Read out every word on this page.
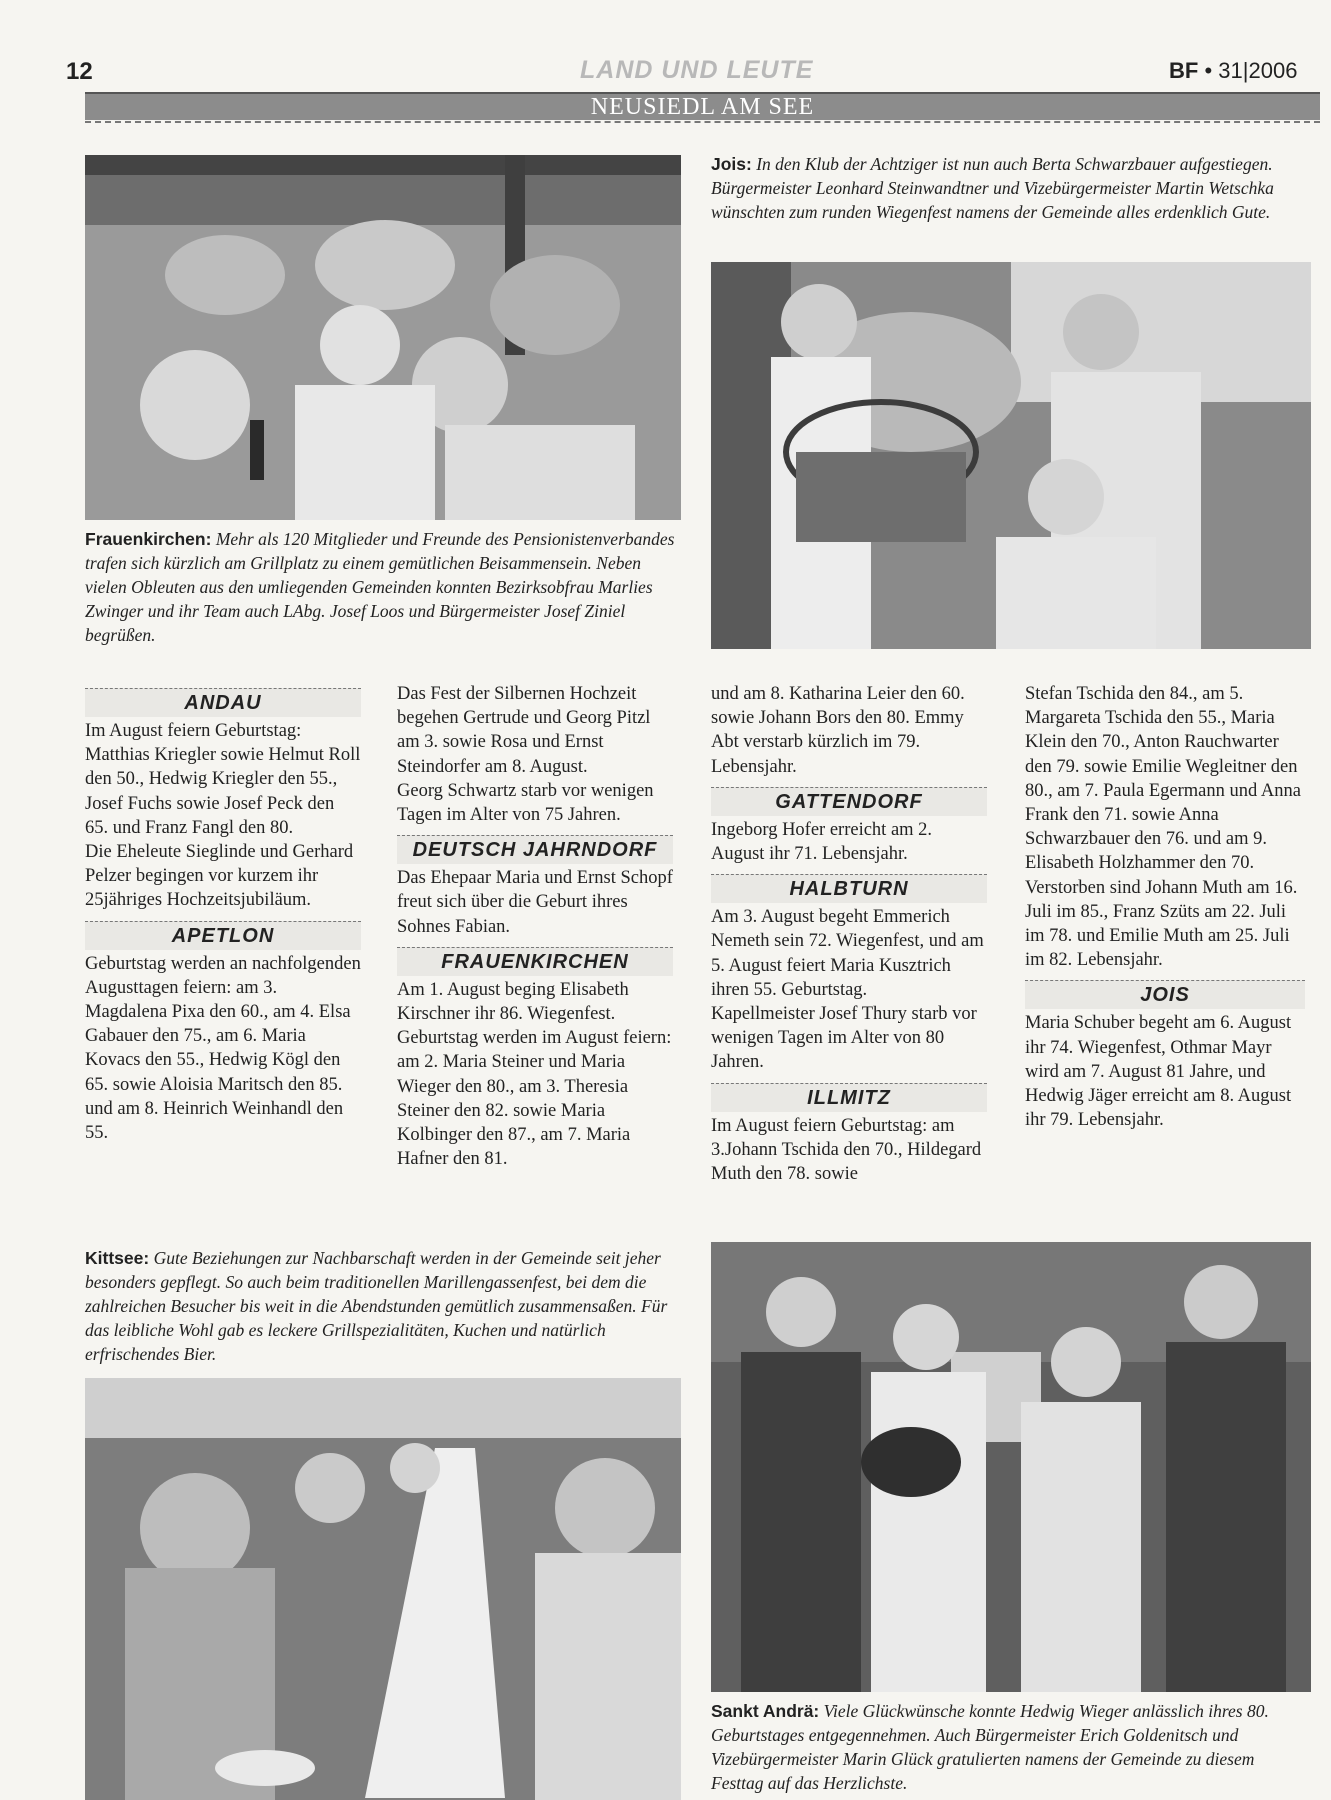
12	LAND UND LEUTE	BF • 31|2006
NEUSIEDL AM SEE
Frauenkirchen: Mehr als 120 Mitglieder und Freunde des Pensionistenverbandes trafen sich kürzlich am Grillplatz zu einem gemütlichen Beisammensein. Neben vielen Obleuten aus den umliegenden Gemeinden konnten Bezirksobfrau Marlies Zwinger und ihr Team auch LAbg. Josef Loos und Bürgermeister Josef Ziniel begrüßen.
Jois: In den Klub der Achtziger ist nun auch Berta Schwarzbauer aufgestiegen. Bürgermeister Leonhard Steinwandtner und Vizebürgermeister Martin Wetschka wünschten zum runden Wiegenfest namens der Gemeinde alles erdenklich Gute.
ANDAU

Im August feiern Geburtstag: Matthias Kriegler sowie Helmut Roll den 50., Hedwig Kriegler den 55., Josef Fuchs sowie Josef Peck den 65. und Franz Fangl den 80.

Die Eheleute Sieglinde und Gerhard Pelzer begingen vor kurzem ihr 25jähriges Hochzeitsjubiläum.

APETLON

Geburtstag werden an nachfolgenden Augusttagen feiern: am 3. Magdalena Pixa den 60., am 4. Elsa Gabauer den 75., am 6. Maria Kovacs den 55., Hedwig Kögl den 65. sowie Aloisia Maritsch den 85. und am 8. Heinrich Weinhandl den 55.

Das Fest der Silbernen Hochzeit begehen Gertrude und Georg Pitzl am 3. sowie Rosa und Ernst Steindorfer am 8. August.

Georg Schwartz starb vor wenigen Tagen im Alter von 75 Jahren.

DEUTSCH JAHRNDORF

Das Ehepaar Maria und Ernst Schopf freut sich über die Geburt ihres Sohnes Fabian.

FRAUENKIRCHEN

Am 1. August beging Elisabeth Kirschner ihr 86. Wiegenfest. Geburtstag werden im August feiern: am 2. Maria Steiner und Maria Wieger den 80., am 3. Theresia Steiner den 82. sowie Maria Kolbinger den 87., am 7. Maria Hafner den 81.

und am 8. Katharina Leier den 60. sowie Johann Bors den 80. Emmy Abt verstarb kürzlich im 79. Lebensjahr.

GATTENDORF

Ingeborg Hofer erreicht am 2. August ihr 71. Lebensjahr.

HALBTURN

Am 3. August begeht Emmerich Nemeth sein 72. Wiegenfest, und am 5. August feiert Maria Kusztrich ihren 55. Geburtstag.

Kapellmeister Josef Thury starb vor wenigen Tagen im Alter von 80 Jahren.

ILLMITZ

Im August feiern Geburtstag: am 3.Johann Tschida den 70., Hildegard Muth den 78. sowie

Stefan Tschida den 84., am 5. Margareta Tschida den 55., Maria Klein den 70., Anton Rauchwarter den 79. sowie Emilie Wegleitner den 80., am 7. Paula Egermann und Anna Frank den 71. sowie Anna Schwarzbauer den 76. und am 9. Elisabeth Holzhammer den 70.

Verstorben sind Johann Muth am 16. Juli im 85., Franz Szüts am 22. Juli im 78. und Emilie Muth am 25. Juli im 82. Lebensjahr.

JOIS

Maria Schuber begeht am 6. August ihr 74. Wiegenfest, Othmar Mayr wird am 7. August 81 Jahre, und Hedwig Jäger erreicht am 8. August ihr 79. Lebensjahr.

Kittsee: Gute Beziehungen zur Nachbarschaft werden in der Gemeinde seit jeher besonders gepflegt. So auch beim traditionellen Marillengassenfest, bei dem die zahlreichen Besucher bis weit in die Abendstunden gemütlich zusammensaßen. Für das leibliche Wohl gab es leckere Grillspezialitäten, Kuchen und natürlich erfrischendes Bier.
Sankt Andrä: Viele Glückwünsche konnte Hedwig Wieger anlässlich ihres 80. Geburtstages entgegennehmen. Auch Bürgermeister Erich Goldenitsch und Vizebürgermeister Marin Glück gratulierten namens der Gemeinde zu diesem Festtag auf das Herzlichste.
